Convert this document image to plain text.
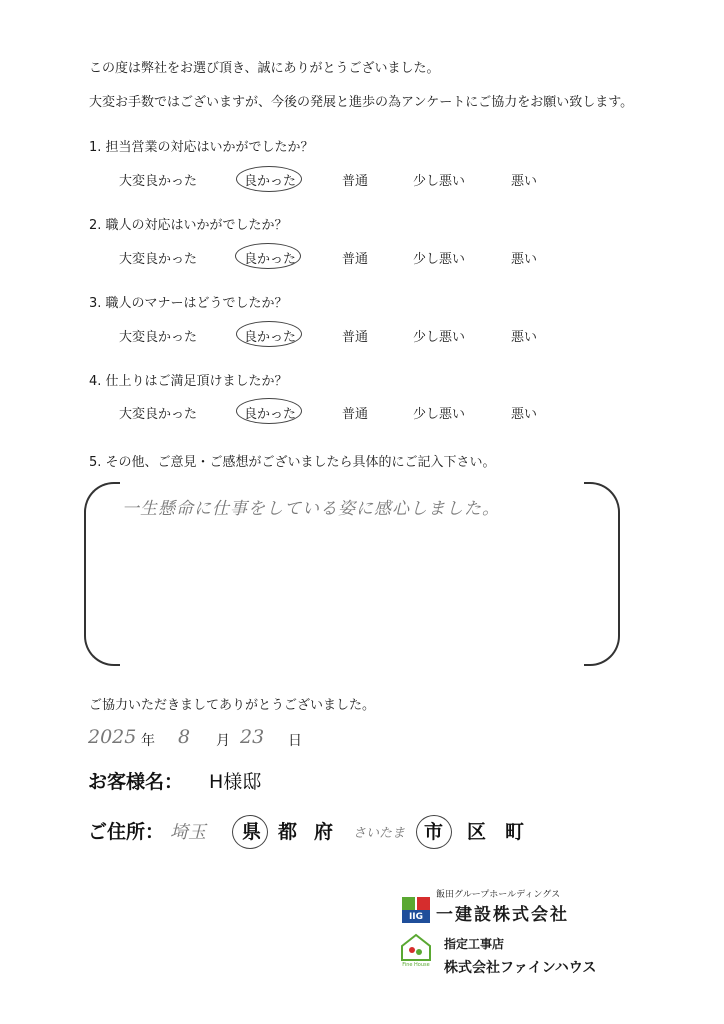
この度は弊社をお選び頂き、誠にありがとうございました。
大変お手数ではございますが、今後の発展と進歩の為アンケートにご協力をお願い致します。
1. 担当営業の対応はいかがでしたか？
大変良かった	良かった	普通	少し悪い	悪い
2. 職人の対応はいかがでしたか？
大変良かった	良かった	普通	少し悪い	悪い
3. 職人のマナーはどうでしたか？
大変良かった	良かった	普通	少し悪い	悪い
4. 仕上りはご満足頂けましたか？
大変良かった	良かった	普通	少し悪い	悪い
5. その他、ご意見・ご感想がございましたら具体的にご記入下さい。
一生懸命に仕事をしている姿に感心しました。
ご協力いただきましてありがとうございました。
2025 年 8 月 23 日
お客様名： H様邸
ご住所： 埼玉 県 都 府 さいたま 市 区 町
飯田グループホールディングス
IIG 一建設株式会社
Fine House
指定工事店
株式会社ファインハウス
